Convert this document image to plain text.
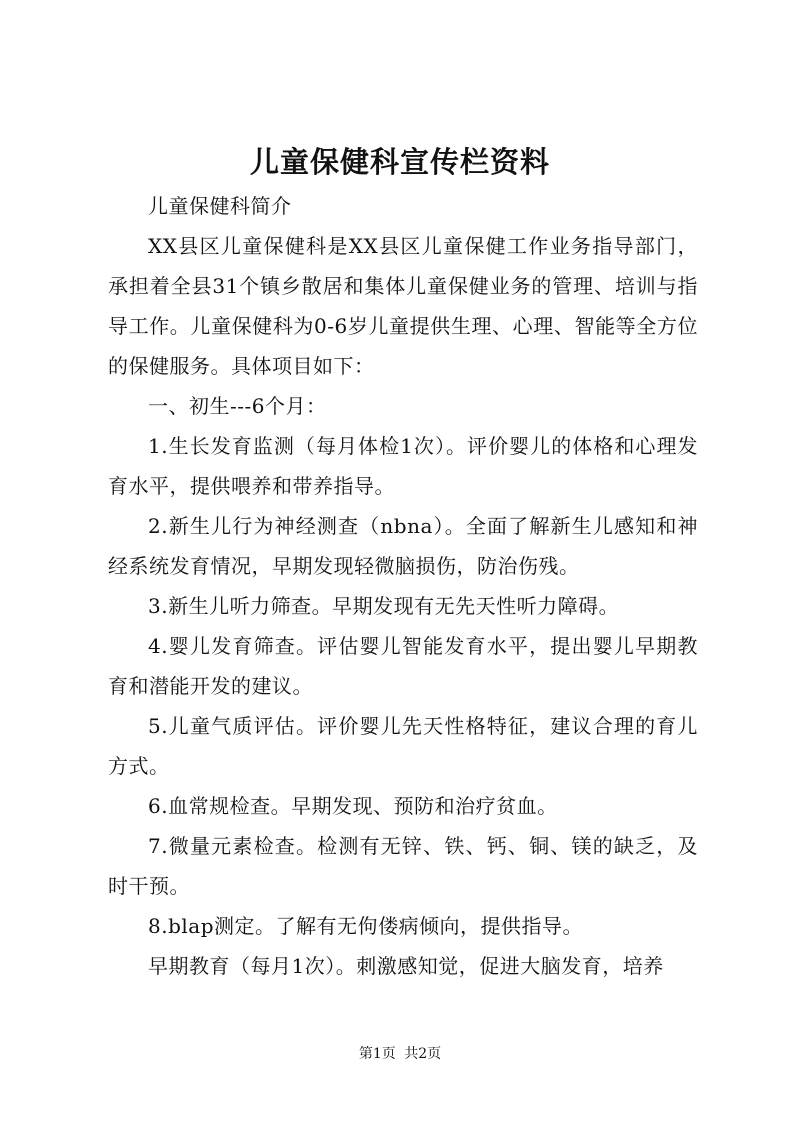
儿童保健科宣传栏资料

儿童保健科简介

XX县区儿童保健科是XX县区儿童保健工作业务指导部门，承担着全县31个镇乡散居和集体儿童保健业务的管理、培训与指导工作。儿童保健科为0-6岁儿童提供生理、心理、智能等全方位的保健服务。具体项目如下：

一、初生---6个月：

1.生长发育监测（每月体检1次）。评价婴儿的体格和心理发育水平，提供喂养和带养指导。

2.新生儿行为神经测查（nbna）。全面了解新生儿感知和神经系统发育情况，早期发现轻微脑损伤，防治伤残。

3.新生儿听力筛查。早期发现有无先天性听力障碍。

4.婴儿发育筛查。评估婴儿智能发育水平，提出婴儿早期教育和潜能开发的建议。

5.儿童气质评估。评价婴儿先天性格特征，建议合理的育儿方式。

6.血常规检查。早期发现、预防和治疗贫血。

7.微量元素检查。检测有无锌、铁、钙、铜、镁的缺乏，及时干预。

8.blap测定。了解有无佝偻病倾向，提供指导。

早期教育（每月1次）。刺激感知觉，促进大脑发育，培养

第1页 共2页
